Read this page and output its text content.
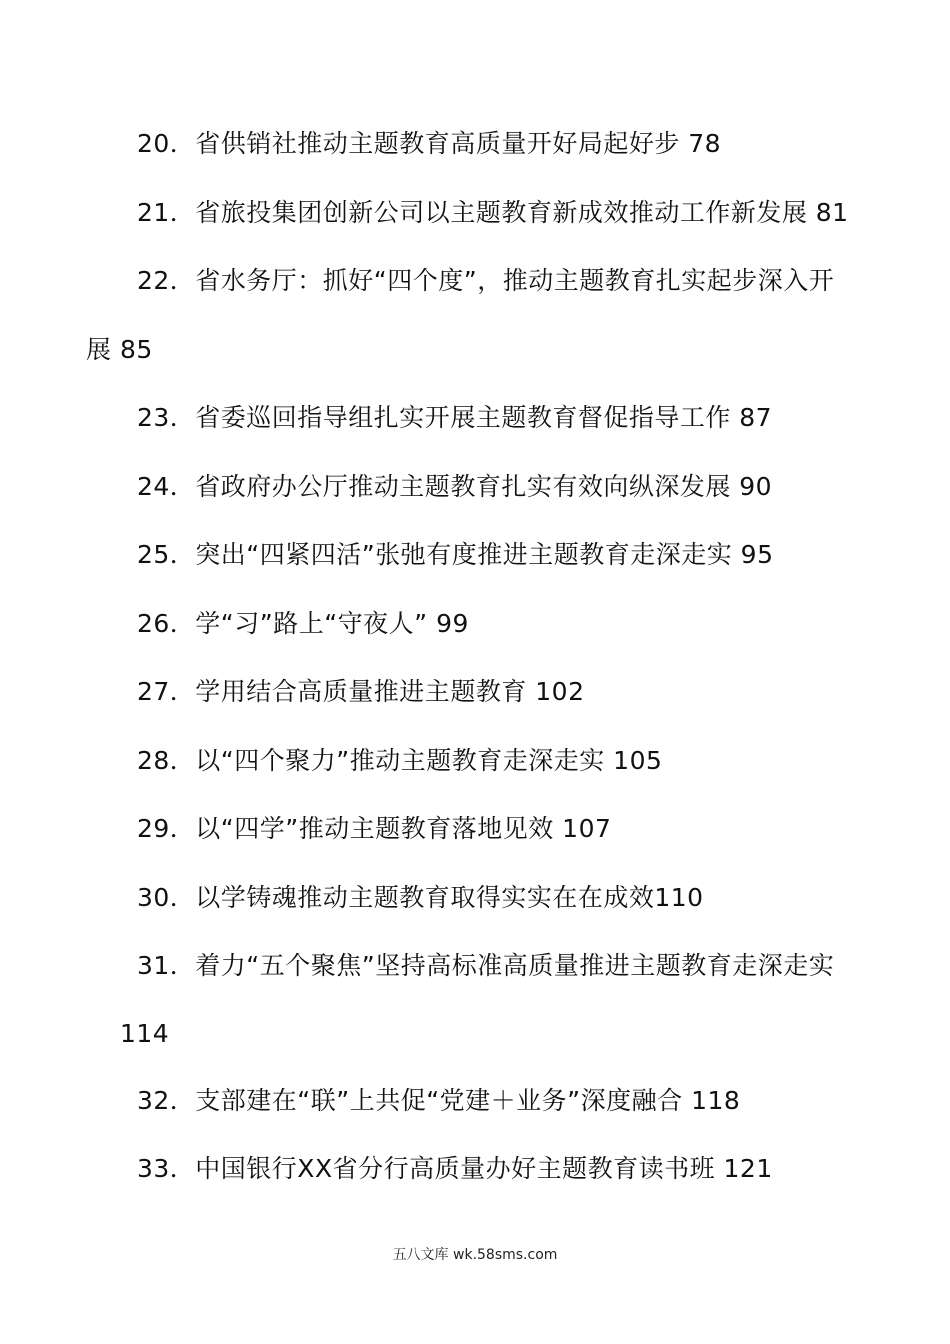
20．省供销社推动主题教育高质量开好局起好步 78
21．省旅投集团创新公司以主题教育新成效推动工作新发展 81
22．省水务厅：抓好“四个度”，推动主题教育扎实起步深入开
展 85
23．省委巡回指导组扎实开展主题教育督促指导工作 87
24．省政府办公厅推动主题教育扎实有效向纵深发展 90
25．突出“四紧四活”张弛有度推进主题教育走深走实 95
26．学“习”路上“守夜人” 99
27．学用结合高质量推进主题教育 102
28．以“四个聚力”推动主题教育走深走实 105
29．以“四学”推动主题教育落地见效 107
30．以学铸魂推动主题教育取得实实在在成效110
31．着力“五个聚焦”坚持高标准高质量推进主题教育走深走实
114
32．支部建在“联”上共促“党建＋业务”深度融合 118
33．中国银行XX省分行高质量办好主题教育读书班 121
五八文库 wk.58sms.com
